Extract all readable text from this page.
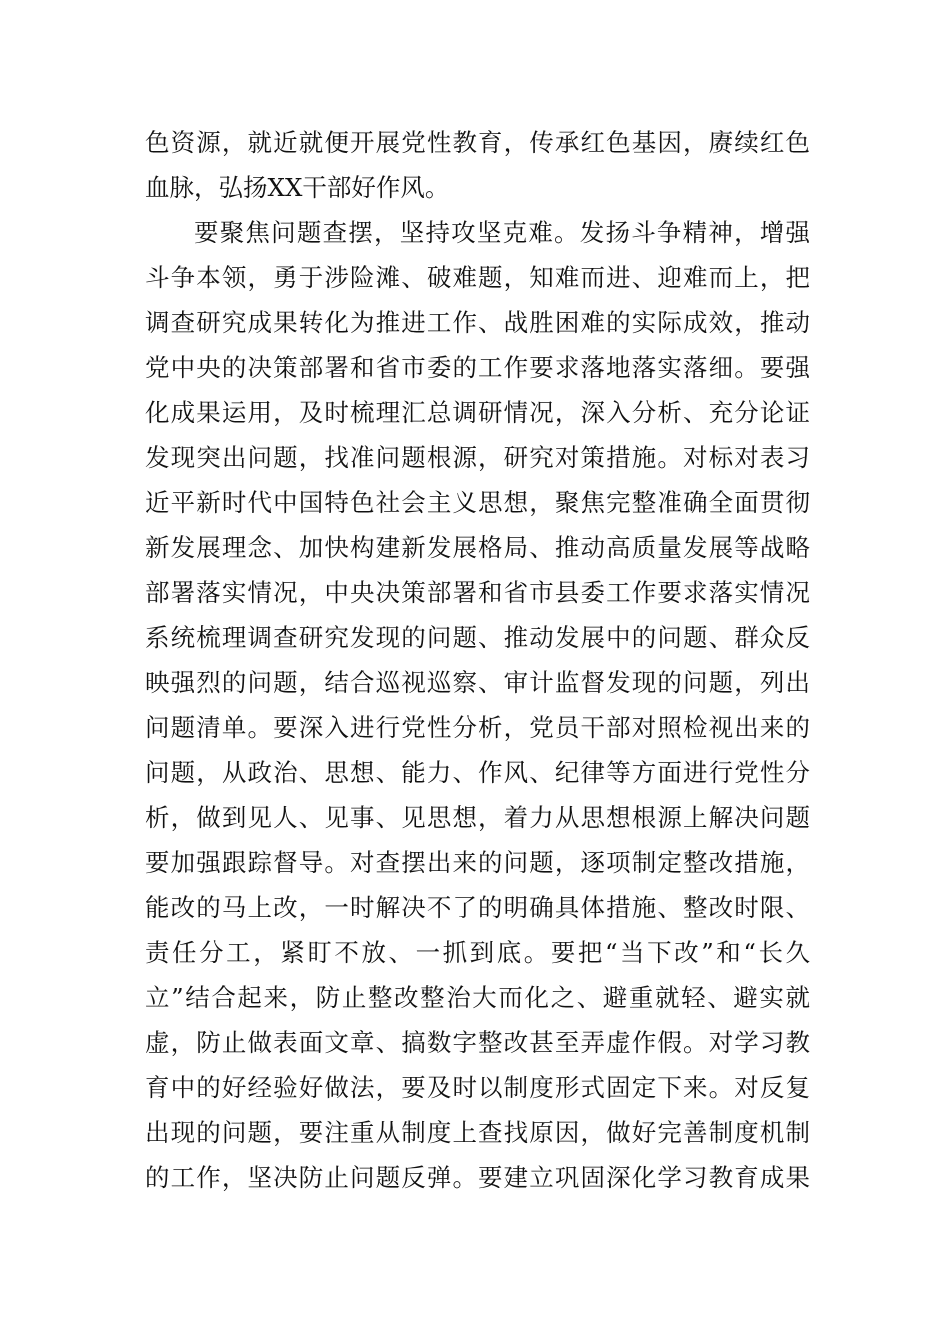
色资源，就近就便开展党性教育，传承红色基因，赓续红色
血脉，弘扬XX干部好作风。
要聚焦问题查摆，坚持攻坚克难。发扬斗争精神，增强
斗争本领，勇于涉险滩、破难题，知难而进、迎难而上，把
调查研究成果转化为推进工作、战胜困难的实际成效，推动
党中央的决策部署和省市委的工作要求落地落实落细。要强
化成果运用，及时梳理汇总调研情况，深入分析、充分论证
发现突出问题，找准问题根源，研究对策措施。对标对表习
近平新时代中国特色社会主义思想，聚焦完整准确全面贯彻
新发展理念、加快构建新发展格局、推动高质量发展等战略
部署落实情况，中央决策部署和省市县委工作要求落实情况
系统梳理调查研究发现的问题、推动发展中的问题、群众反
映强烈的问题，结合巡视巡察、审计监督发现的问题，列出
问题清单。要深入进行党性分析，党员干部对照检视出来的
问题，从政治、思想、能力、作风、纪律等方面进行党性分
析，做到见人、见事、见思想，着力从思想根源上解决问题
要加强跟踪督导。对查摆出来的问题，逐项制定整改措施，
能改的马上改，一时解决不了的明确具体措施、整改时限、
责任分工，紧盯不放、一抓到底。要把“当下改”和“长久
立”结合起来，防止整改整治大而化之、避重就轻、避实就
虚，防止做表面文章、搞数字整改甚至弄虚作假。对学习教
育中的好经验好做法，要及时以制度形式固定下来。对反复
出现的问题，要注重从制度上查找原因，做好完善制度机制
的工作，坚决防止问题反弹。要建立巩固深化学习教育成果
